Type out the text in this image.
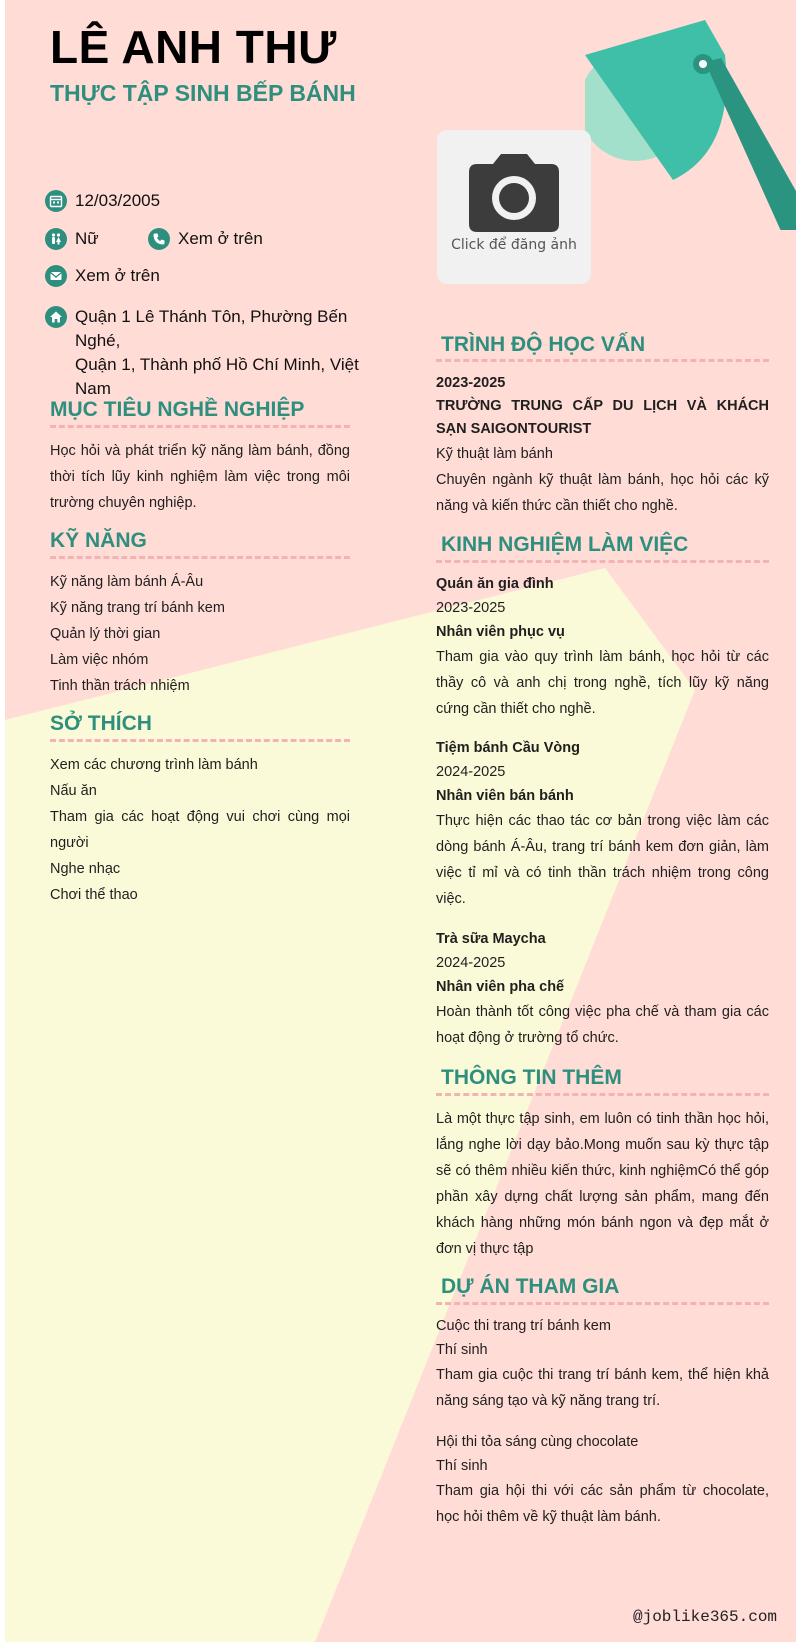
LÊ ANH THƯ
THỰC TẬP SINH BẾP BÁNH
Click để đăng ảnh
12/03/2005
Nữ	Xem ở trên
Xem ở trên
Quận 1 Lê Thánh Tôn, Phường Bến Nghé,
Quận 1, Thành phố Hồ Chí Minh, Việt Nam
MỤC TIÊU NGHỀ NGHIỆP
Học hỏi và phát triển kỹ năng làm bánh, đồng thời tích lũy kinh nghiệm làm việc trong môi trường chuyên nghiệp.
KỸ NĂNG
Kỹ năng làm bánh Á-Âu
Kỹ năng trang trí bánh kem
Quản lý thời gian
Làm việc nhóm
Tinh thần trách nhiệm
SỞ THÍCH
Xem các chương trình làm bánh
Nấu ăn
Tham gia các hoạt động vui chơi cùng mọi người
Nghe nhạc
Chơi thể thao
TRÌNH ĐỘ HỌC VẤN
2023-2025
TRƯỜNG TRUNG CẤP DU LỊCH VÀ KHÁCH SẠN SAIGONTOURIST
Kỹ thuật làm bánh
Chuyên ngành kỹ thuật làm bánh, học hỏi các kỹ năng và kiến thức cần thiết cho nghề.
KINH NGHIỆM LÀM VIỆC
Quán ăn gia đình
2023-2025
Nhân viên phục vụ
Tham gia vào quy trình làm bánh, học hỏi từ các thầy cô và anh chị trong nghề, tích lũy kỹ năng cứng cần thiết cho nghề.
Tiệm bánh Cầu Vòng
2024-2025
Nhân viên bán bánh
Thực hiện các thao tác cơ bản trong việc làm các dòng bánh Á-Âu, trang trí bánh kem đơn giản, làm việc tỉ mỉ và có tinh thần trách nhiệm trong công việc.
Trà sữa Maycha
2024-2025
Nhân viên pha chế
Hoàn thành tốt công việc pha chế và tham gia các hoạt động ở trường tổ chức.
THÔNG TIN THÊM
Là một thực tập sinh, em luôn có tinh thần học hỏi, lắng nghe lời dạy bảo.Mong muốn sau kỳ thực tập sẽ có thêm nhiều kiến thức, kinh nghiệmCó thể góp phần xây dựng chất lượng sản phẩm, mang đến khách hàng những món bánh ngon và đẹp mắt ở đơn vị thực tập
DỰ ÁN THAM GIA
Cuộc thi trang trí bánh kem
Thí sinh
Tham gia cuộc thi trang trí bánh kem, thể hiện khả năng sáng tạo và kỹ năng trang trí.
Hội thi tỏa sáng cùng chocolate
Thí sinh
Tham gia hội thi với các sản phẩm từ chocolate, học hỏi thêm về kỹ thuật làm bánh.
@joblike365.com
